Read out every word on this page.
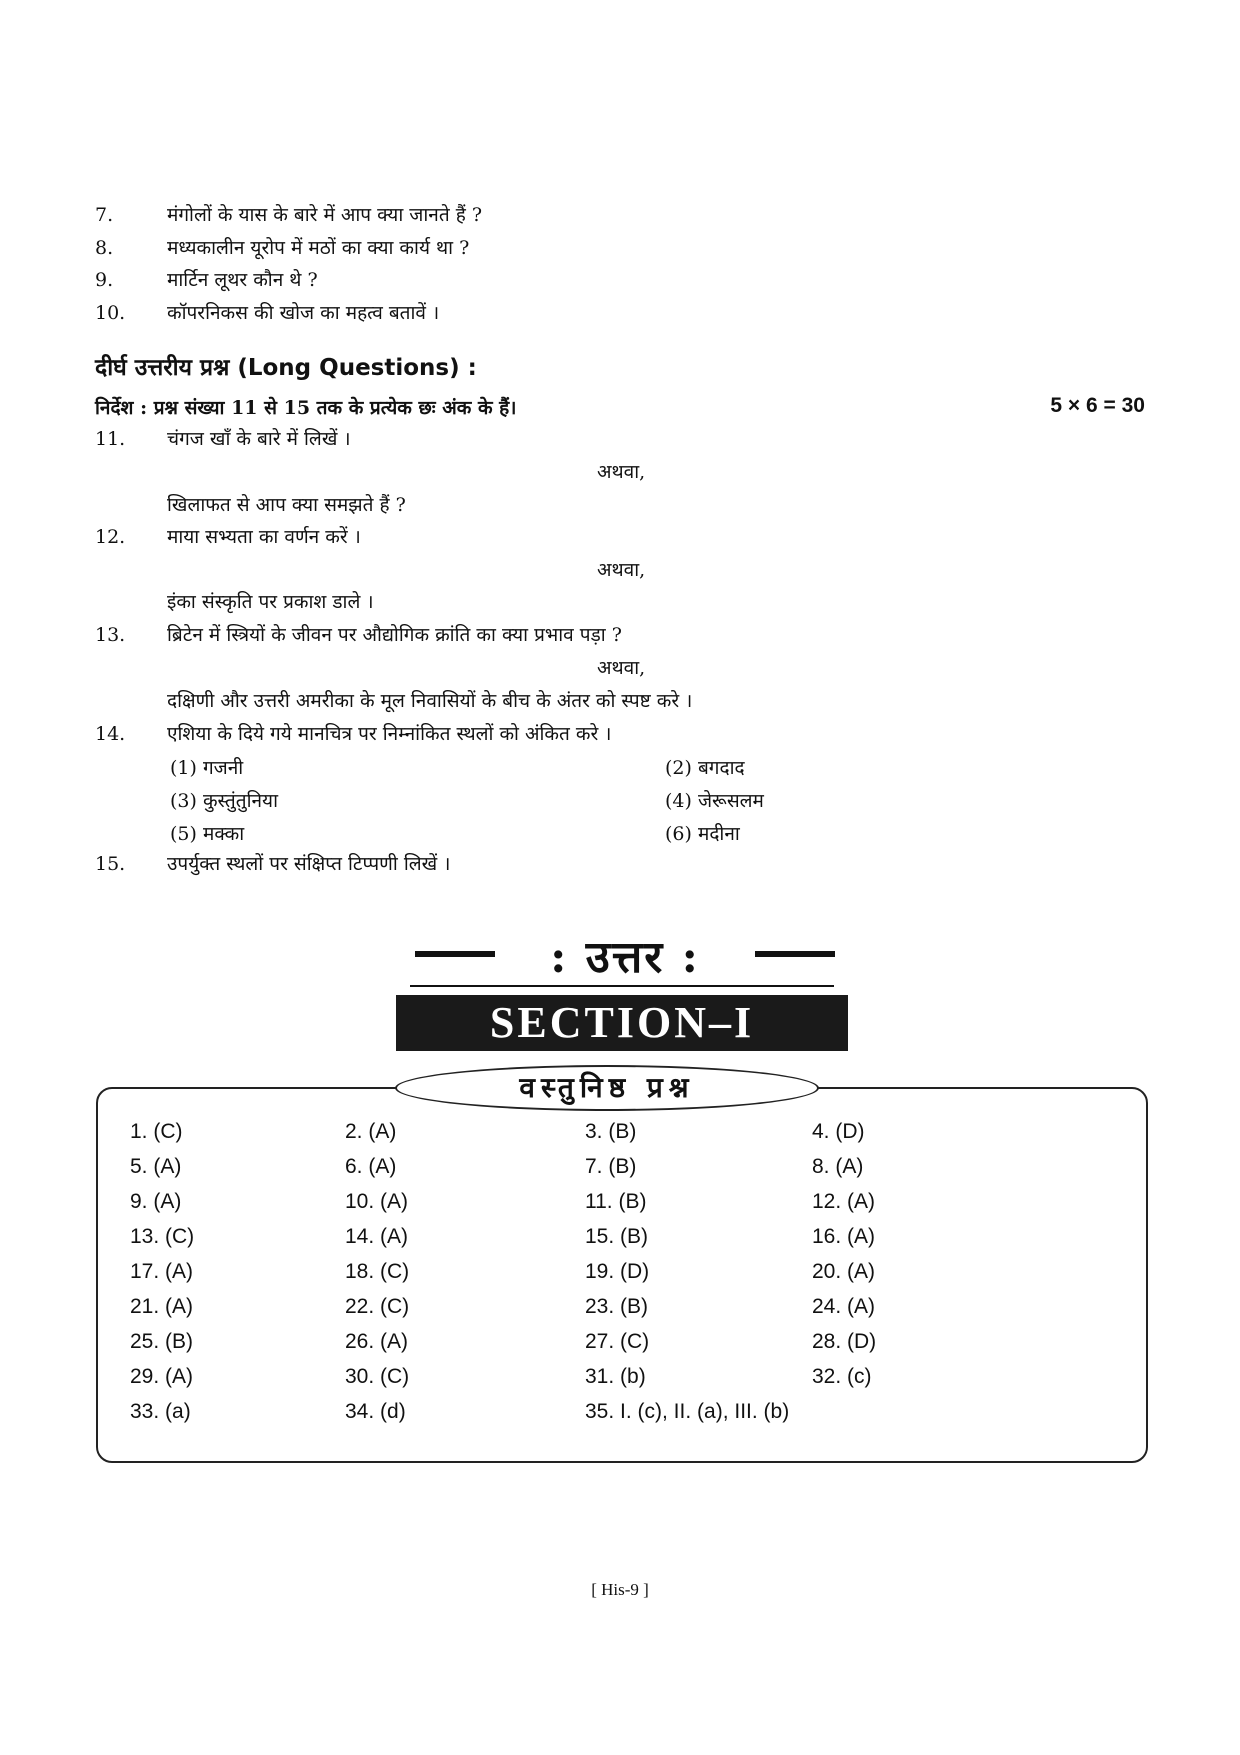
7.	मंगोलों के यास के बारे में आप क्या जानते हैं ?
8.	मध्यकालीन यूरोप में मठों का क्या कार्य था ?
9.	मार्टिन लूथर कौन थे ?
10. कॉपरनिकस की खोज का महत्व बतावें ।
दीर्घ उत्तरीय प्रश्न (Long Questions) :
निर्देश : प्रश्न संख्या 11 से 15 तक के प्रत्येक छः अंक के हैं।	5 × 6 = 30
11. चंगज खाँ के बारे में लिखें ।
अथवा,
खिलाफत से आप क्या समझते हैं ?
12. माया सभ्यता का वर्णन करें ।
अथवा,
इंका संस्कृति पर प्रकाश डाले ।
13. ब्रिटेन में स्त्रियों के जीवन पर औद्योगिक क्रांति का क्या प्रभाव पड़ा ?
अथवा,
दक्षिणी और उत्तरी अमरीका के मूल निवासियों के बीच के अंतर को स्पष्ट करे ।
14. एशिया के दिये गये मानचित्र पर निम्नांकित स्थलों को अंकित करे ।
(1) गजनी	(2) बगदाद
(3) कुस्तुंतुनिया	(4) जेरूसलम
(5) मक्का	(6) मदीना
15. उपर्युक्त स्थलों पर संक्षिप्त टिप्पणी लिखें ।
: उत्तर :
SECTION–I
वस्तुनिष्ठ प्रश्न
1. (C)	2. (A)	3. (B)	4. (D)
5. (A)	6. (A)	7. (B)	8. (A)
9. (A)	10. (A)	11. (B)	12. (A)
13. (C)	14. (A)	15. (B)	16. (A)
17. (A)	18. (C)	19. (D)	20. (A)
21. (A)	22. (C)	23. (B)	24. (A)
25. (B)	26. (A)	27. (C)	28. (D)
29. (A)	30. (C)	31. (b)	32. (c)
33. (a)	34. (d)	35. I. (c), II. (a), III. (b)
[ His-9 ]
